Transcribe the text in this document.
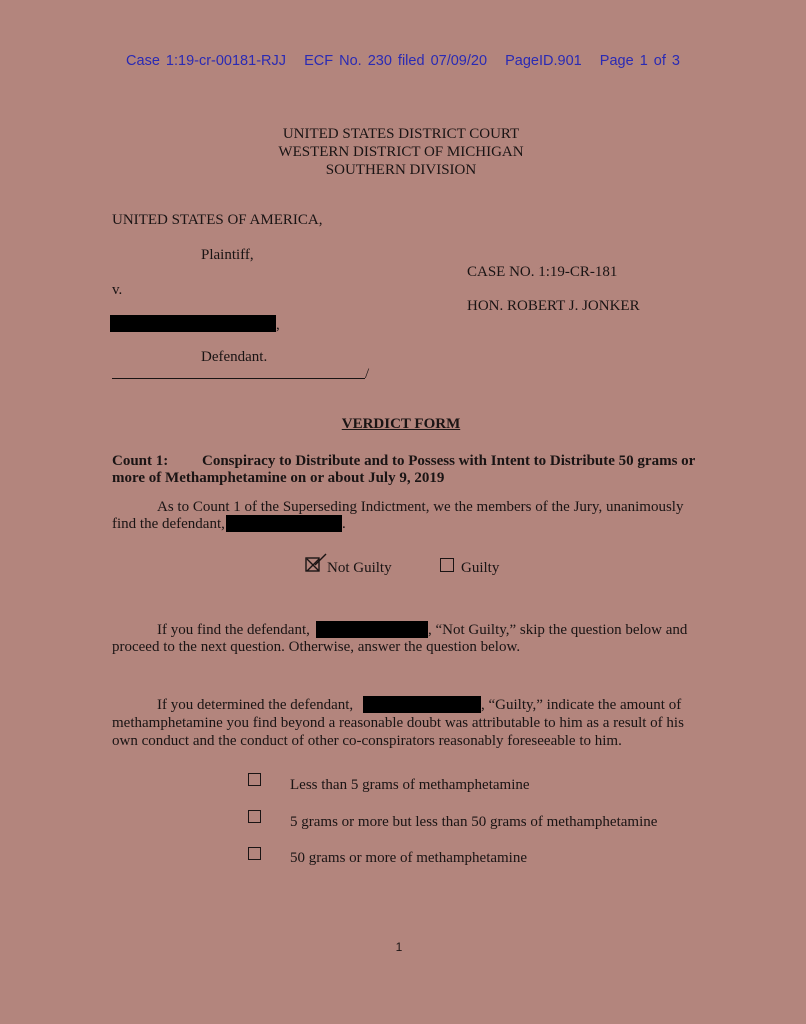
Case 1:19-cr-00181-RJJ ECF No. 230 filed 07/09/20 PageID.901 Page 1 of 3
UNITED STATES DISTRICT COURT
WESTERN DISTRICT OF MICHIGAN
SOUTHERN DIVISION
UNITED STATES OF AMERICA,
Plaintiff,
CASE NO. 1:19-CR-181
v.
HON. ROBERT J. JONKER
,
Defendant.
/
VERDICT FORM
Count 1: Conspiracy to Distribute and to Possess with Intent to Distribute 50 grams or
more of Methamphetamine on or about July 9, 2019
As to Count 1 of the Superseding Indictment, we the members of the Jury, unanimously
find the defendant,	.
Not Guilty	Guilty
If you find the defendant,	, “Not Guilty,” skip the question below and
proceed to the next question. Otherwise, answer the question below.
If you determined the defendant,	, “Guilty,” indicate the amount of
methamphetamine you find beyond a reasonable doubt was attributable to him as a result of his
own conduct and the conduct of other co-conspirators reasonably foreseeable to him.
Less than 5 grams of methamphetamine
5 grams or more but less than 50 grams of methamphetamine
50 grams or more of methamphetamine
1
